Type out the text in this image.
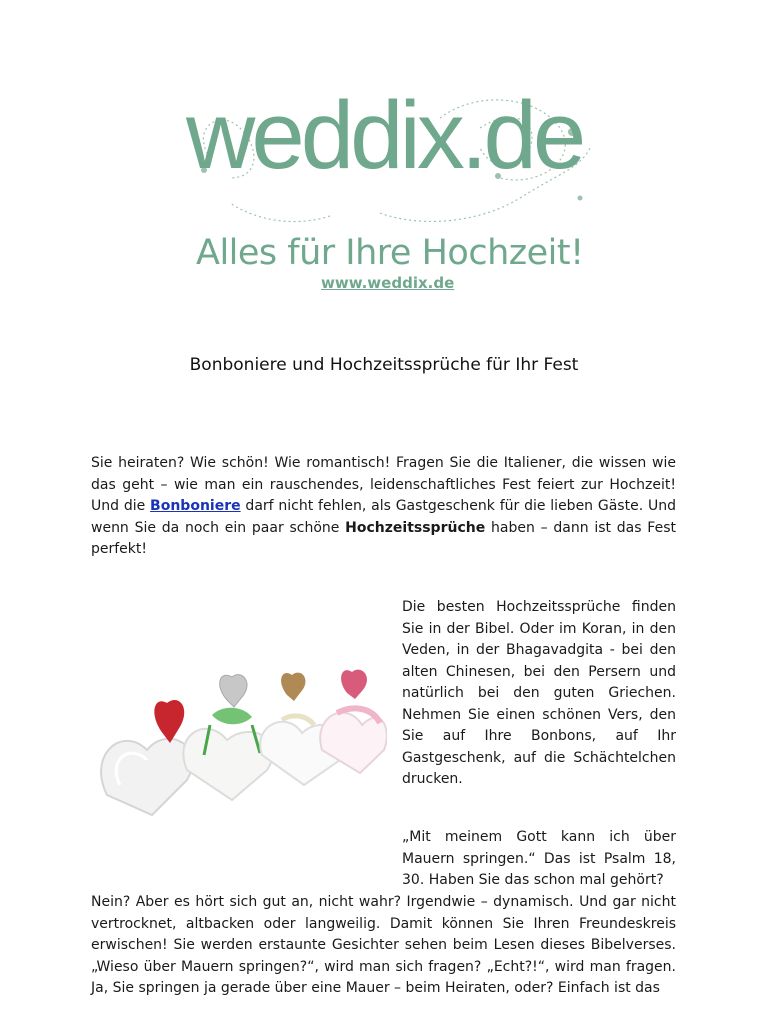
weddix.de
Alles für Ihre Hochzeit!
www.weddix.de
Bonboniere und Hochzeitssprüche für Ihr Fest
Sie heiraten? Wie schön! Wie romantisch! Fragen Sie die Italiener, die wissen wie das geht – wie man ein rauschendes, leidenschaftliches Fest feiert zur Hochzeit! Und die Bonboniere darf nicht fehlen, als Gastgeschenk für die lieben Gäste. Und wenn Sie da noch ein paar schöne Hochzeitssprüche haben – dann ist das Fest perfekt!
Die besten Hochzeitssprüche finden Sie in der Bibel. Oder im Koran, in den Veden, in der Bhagavadgita - bei den alten Chinesen, bei den Persern und natürlich bei den guten Griechen. Nehmen Sie einen schönen Vers, den Sie auf Ihre Bonbons, auf Ihr Gastgeschenk, auf die Schächtelchen drucken.
„Mit meinem Gott kann ich über Mauern springen.“ Das ist Psalm 18, 30. Haben Sie das schon mal gehört?
Nein? Aber es hört sich gut an, nicht wahr? Irgendwie – dynamisch. Und gar nicht vertrocknet, altbacken oder langweilig. Damit können Sie Ihren Freundeskreis erwischen! Sie werden erstaunte Gesichter sehen beim Lesen dieses Bibelverses. „Wieso über Mauern springen?“, wird man sich fragen? „Echt?!“, wird man fragen. Ja, Sie springen ja gerade über eine Mauer – beim Heiraten, oder? Einfach ist das
